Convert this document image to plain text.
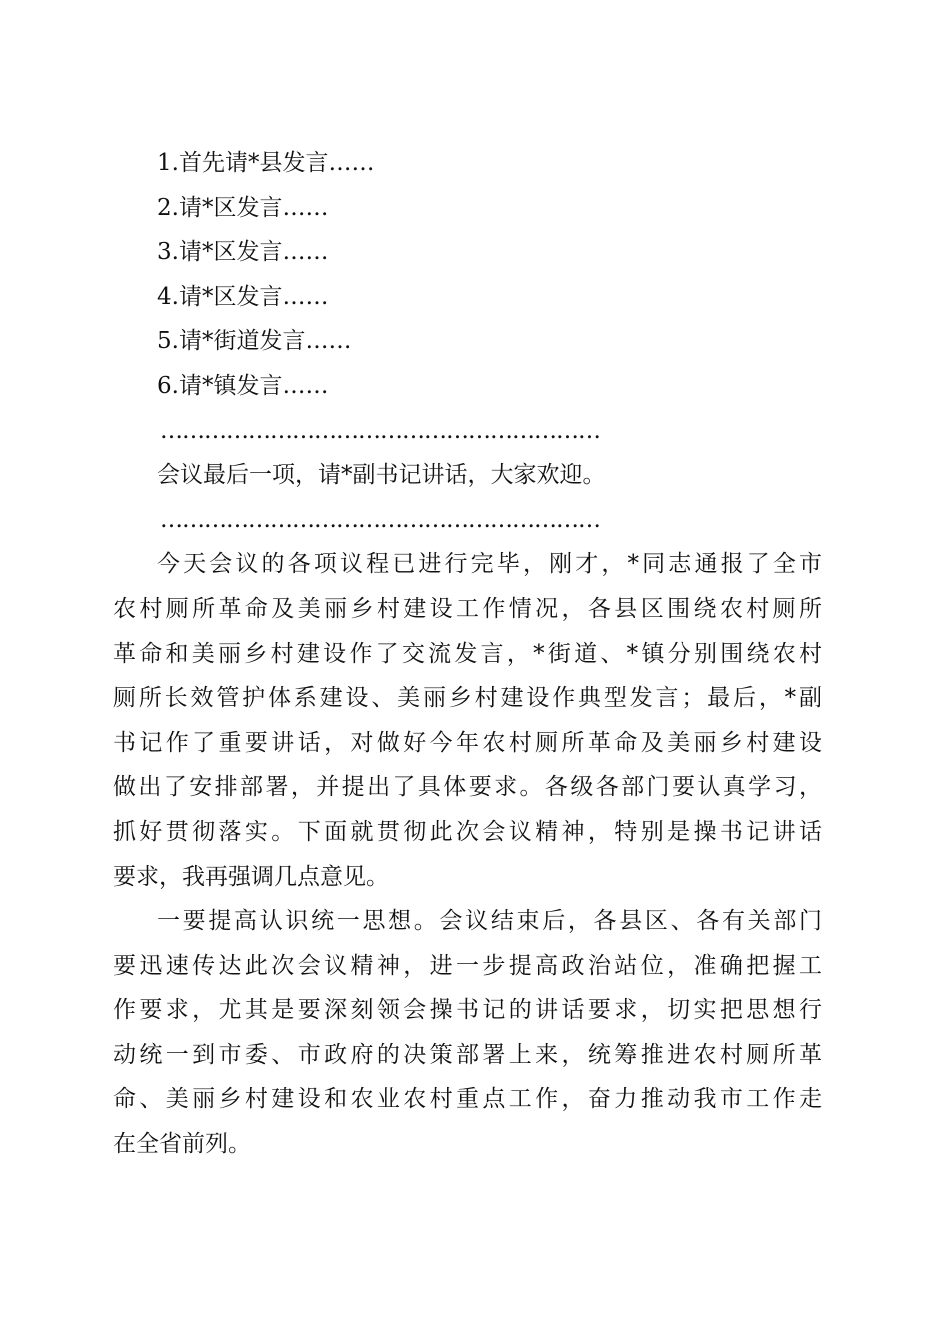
1.首先请*县发言……
2.请*区发言……
3.请*区发言……
4.请*区发言……
5.请*街道发言……
6.请*镇发言……
……………………………………………………
会议最后一项，请*副书记讲话，大家欢迎。
……………………………………………………
今天会议的各项议程已进行完毕，刚才，*同志通报了全市
农村厕所革命及美丽乡村建设工作情况，各县区围绕农村厕所
革命和美丽乡村建设作了交流发言，*街道、*镇分别围绕农村
厕所长效管护体系建设、美丽乡村建设作典型发言；最后，*副
书记作了重要讲话，对做好今年农村厕所革命及美丽乡村建设
做出了安排部署，并提出了具体要求。各级各部门要认真学习，
抓好贯彻落实。下面就贯彻此次会议精神，特别是操书记讲话
要求，我再强调几点意见。
一要提高认识统一思想。会议结束后，各县区、各有关部门
要迅速传达此次会议精神，进一步提高政治站位，准确把握工
作要求，尤其是要深刻领会操书记的讲话要求，切实把思想行
动统一到市委、市政府的决策部署上来，统筹推进农村厕所革
命、美丽乡村建设和农业农村重点工作，奋力推动我市工作走
在全省前列。
